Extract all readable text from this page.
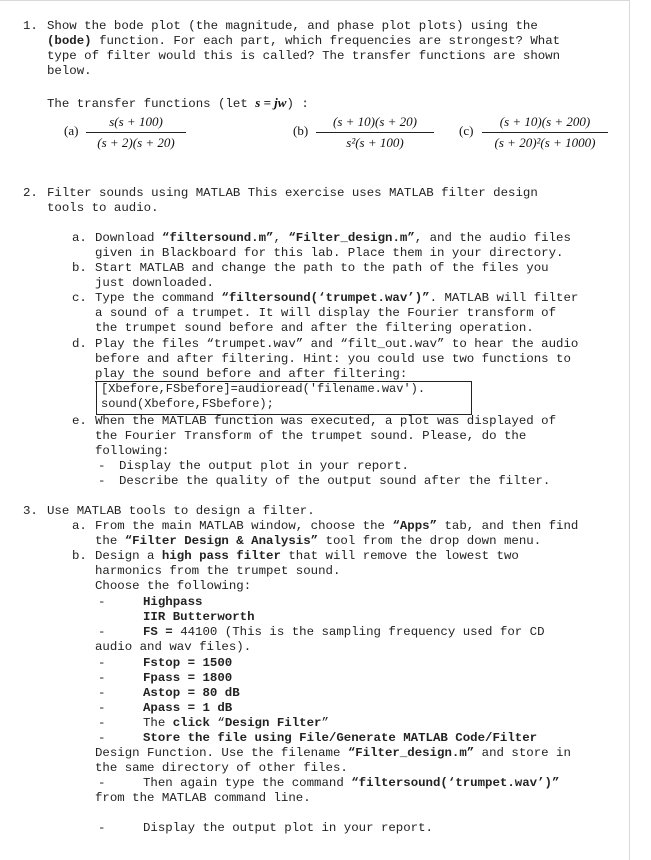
1. Show the bode plot (the magnitude, and phase plot plots) using the
(bode) function. For each part, which frequencies are strongest? What
type of filter would this is called? The transfer functions are shown
below.
The transfer functions (let s = jw) :
$(a) \frac{s(s + 100)}{(s + 2)(s + 20)}$	$(b) \frac{(s + 10)(s + 20)}{\text{s²(s + 100)}} (c) \frac{(s + 10)(s + 200)}{\text{(s + 20)²(s + 1000)}}$
2. Filter sounds using MATLAB This exercise uses MATLAB filter design
tools to audio.
a. Download “filtersound.m”, “Filter_design.m”, and the audio files
given in Blackboard for this lab. Place them in your directory.
b. Start MATLAB and change the path to the path of the files you
just downloaded.
c. Type the command “filtersound(‘trumpet.wav’)”. MATLAB will filter
a sound of a trumpet. It will display the Fourier transform of
the trumpet sound before and after the filtering operation.
d. Play the files “trumpet.wav” and “filt_out.wav” to hear the audio
before and after filtering. Hint: you could use two functions to
play the sound before and after filtering:
[Xbefore,FSbefore]=audioread('filename.wav').
sound(Xbefore,FSbefore);
e. When the MATLAB function was executed, a plot was displayed of
the Fourier Transform of the trumpet sound. Please, do the
following:
- Display the output plot in your report.
- Describe the quality of the output sound after the filter.
3. Use MATLAB tools to design a filter.
a. From the main MATLAB window, choose the “Apps” tab, and then find
the “Filter Design & Analysis” tool from the drop down menu.
b. Design a high pass filter that will remove the lowest two
harmonics from the trumpet sound.
Choose the following:
-	Highpass
IIR Butterworth
-	FS = 44100 (This is the sampling frequency used for CD
audio and wav files).
-	Fstop = 1500
-	Fpass = 1800
-	Astop = 80 dB
-	Apass = 1 dB
-	The click “Design Filter”
-	Store the file using File/Generate MATLAB Code/Filter
Design Function. Use the filename “Filter_design.m” and store in
the same directory of other files.
-	Then again type the command “filtersound(‘trumpet.wav’)”
from the MATLAB command line.
-	Display the output plot in your report.
